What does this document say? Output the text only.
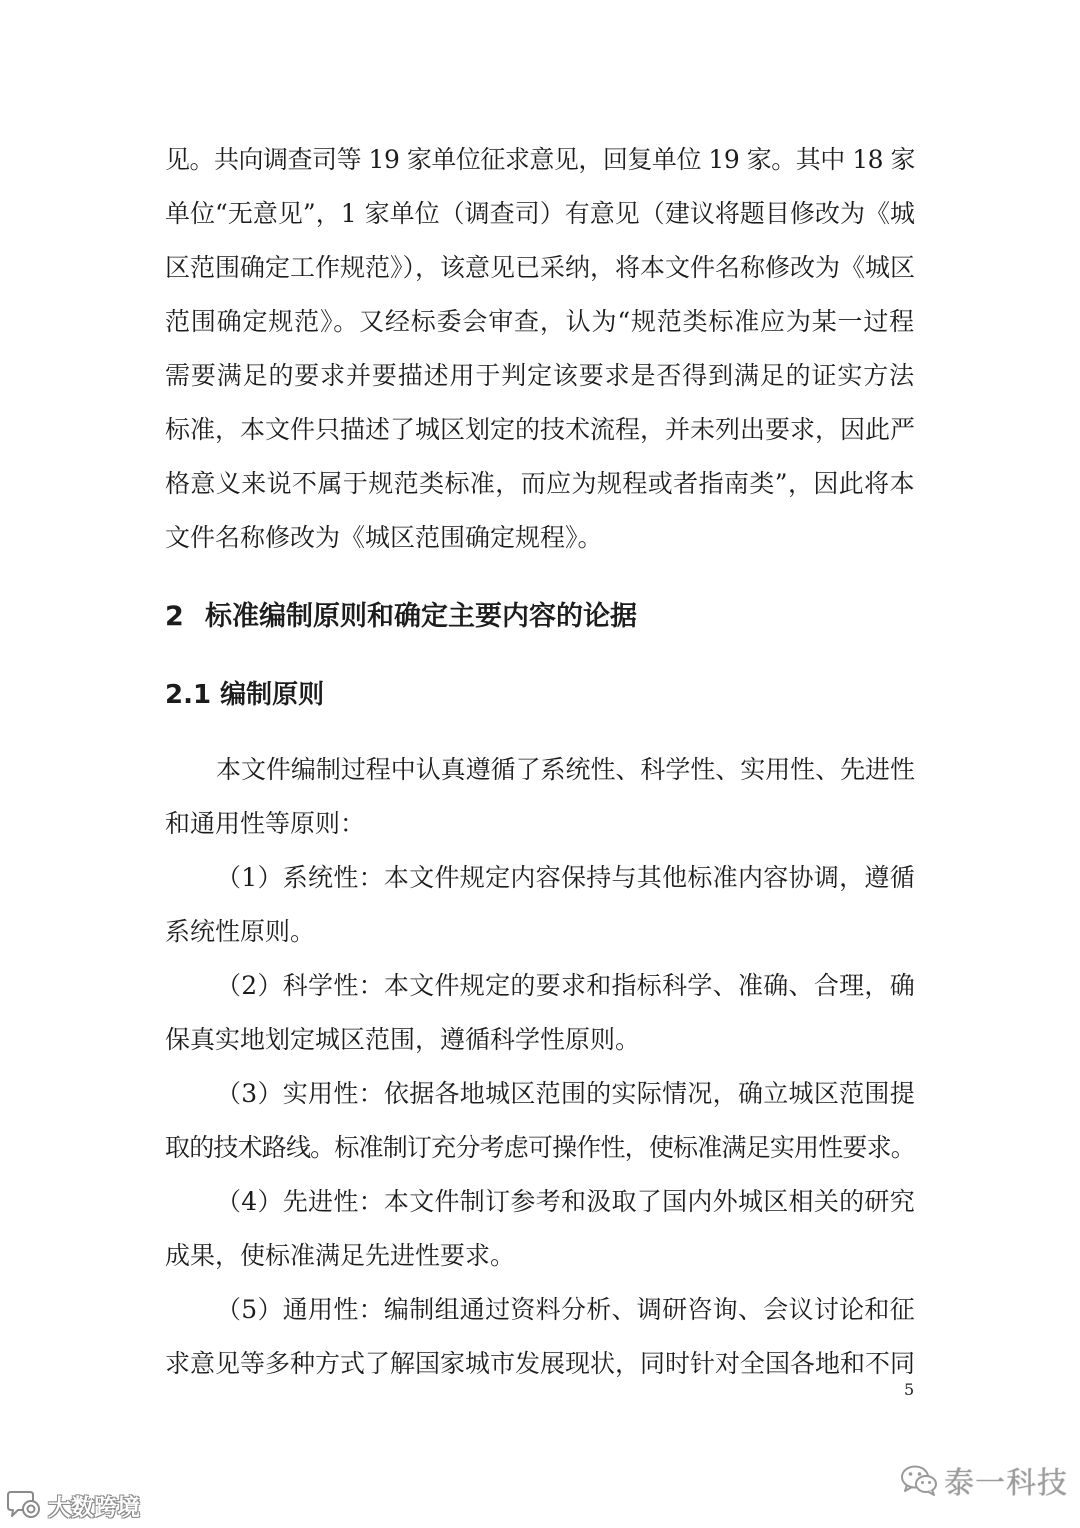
见。共向调查司等 19 家单位征求意见，回复单位 19 家。其中 18 家
单位“无意见”，1 家单位（调查司）有意见（建议将题目修改为《城
区范围确定工作规范》），该意见已采纳，将本文件名称修改为《城区
范围确定规范》。又经标委会审查，认为“规范类标准应为某一过程
需要满足的要求并要描述用于判定该要求是否得到满足的证实方法
标准，本文件只描述了城区划定的技术流程，并未列出要求，因此严
格意义来说不属于规范类标准，而应为规程或者指南类”，因此将本
文件名称修改为《城区范围确定规程》。
2 标准编制原则和确定主要内容的论据
2.1 编制原则
本文件编制过程中认真遵循了系统性、科学性、实用性、先进性
和通用性等原则：
（1）系统性：本文件规定内容保持与其他标准内容协调，遵循
系统性原则。
（2）科学性：本文件规定的要求和指标科学、准确、合理，确
保真实地划定城区范围，遵循科学性原则。
（3）实用性：依据各地城区范围的实际情况，确立城区范围提
取的技术路线。标准制订充分考虑可操作性，使标准满足实用性要求。
（4）先进性：本文件制订参考和汲取了国内外城区相关的研究
成果，使标准满足先进性要求。
（5）通用性：编制组通过资料分析、调研咨询、会议讨论和征
求意见等多种方式了解国家城市发展现状，同时针对全国各地和不同
5
泰一科技
大数跨境
